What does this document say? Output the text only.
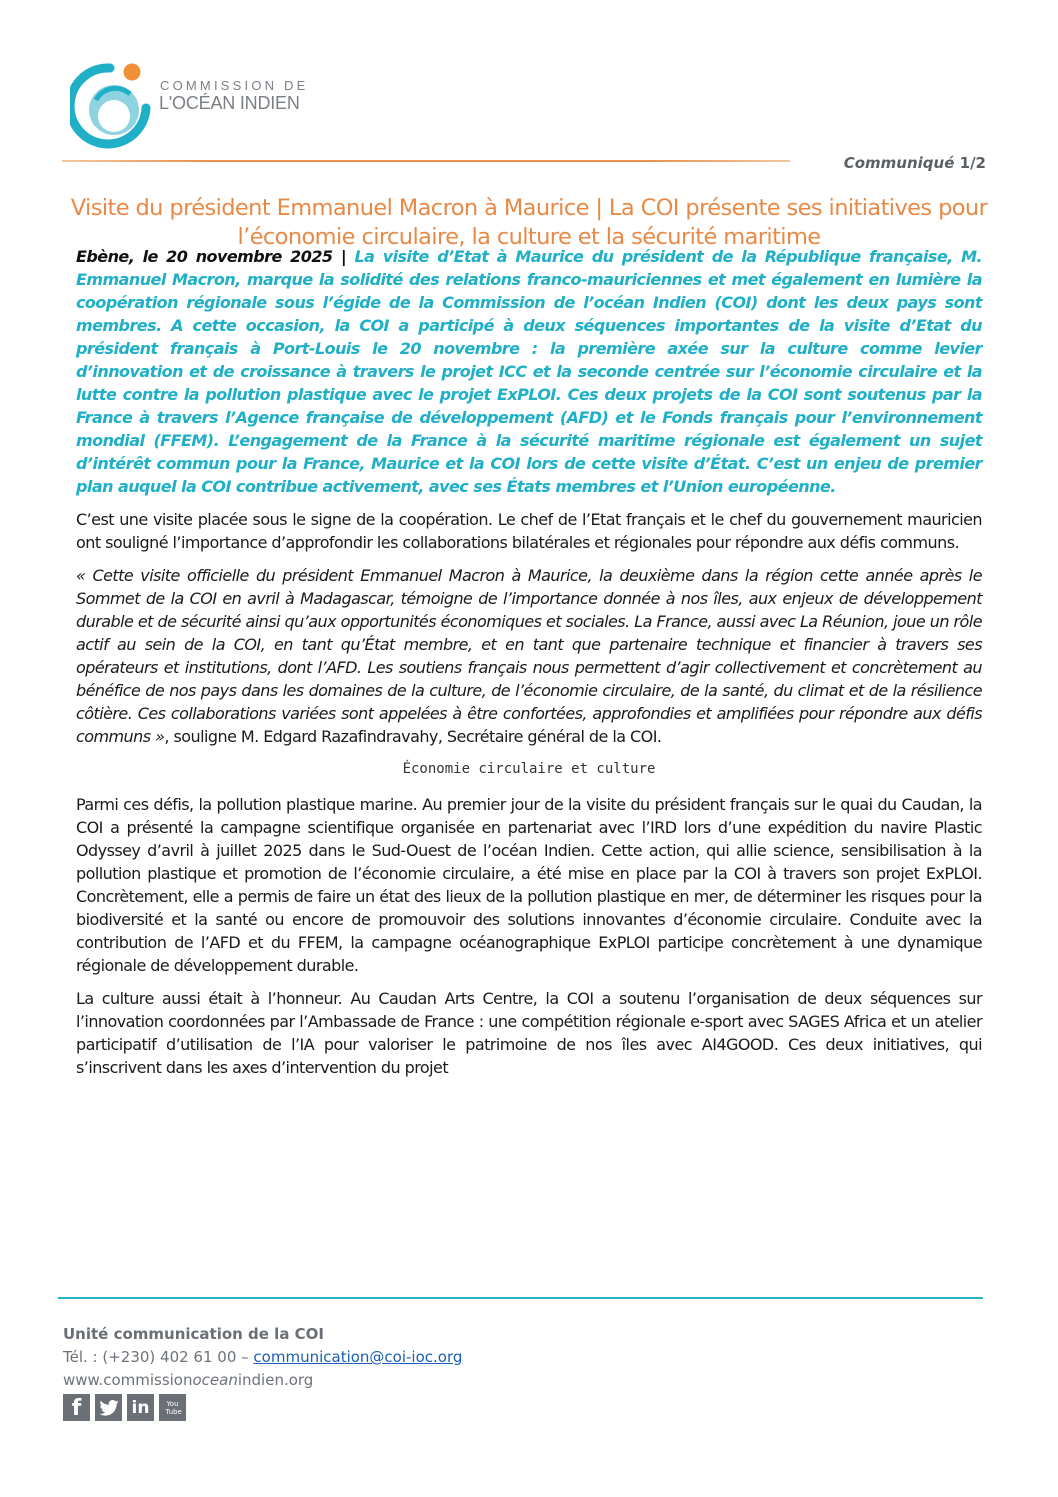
COMMISSION DE
L'OCÉAN INDIEN
Communiqué 1/2
Visite du président Emmanuel Macron à Maurice | La COI présente ses initiatives pour l’économie circulaire, la culture et la sécurité maritime

Ebène, le 20 novembre 2025 | La visite d’Etat à Maurice du président de la République française, M. Emmanuel Macron, marque la solidité des relations franco-mauriciennes et met également en lumière la coopération régionale sous l’égide de la Commission de l’océan Indien (COI) dont les deux pays sont membres. A cette occasion, la COI a participé à deux séquences importantes de la visite d’Etat du président français à Port-Louis le 20 novembre : la première axée sur la culture comme levier d’innovation et de croissance à travers le projet ICC et la seconde centrée sur l’économie circulaire et la lutte contre la pollution plastique avec le projet ExPLOI. Ces deux projets de la COI sont soutenus par la France à travers l’Agence française de développement (AFD) et le Fonds français pour l’environnement mondial (FFEM). L’engagement de la France à la sécurité maritime régionale est également un sujet d’intérêt commun pour la France, Maurice et la COI lors de cette visite d’État. C’est un enjeu de premier plan auquel la COI contribue activement, avec ses États membres et l’Union européenne.

C’est une visite placée sous le signe de la coopération. Le chef de l’Etat français et le chef du gouvernement mauricien ont souligné l’importance d’approfondir les collaborations bilatérales et régionales pour répondre aux défis communs.

« Cette visite officielle du président Emmanuel Macron à Maurice, la deuxième dans la région cette année après le Sommet de la COI en avril à Madagascar, témoigne de l’importance donnée à nos îles, aux enjeux de développement durable et de sécurité ainsi qu’aux opportunités économiques et sociales. La France, aussi avec La Réunion, joue un rôle actif au sein de la COI, en tant qu’État membre, et en tant que partenaire technique et financier à travers ses opérateurs et institutions, dont l’AFD. Les soutiens français nous permettent d’agir collectivement et concrètement au bénéfice de nos pays dans les domaines de la culture, de l’économie circulaire, de la santé, du climat et de la résilience côtière. Ces collaborations variées sont appelées à être confortées, approfondies et amplifiées pour répondre aux défis communs », souligne M. Edgard Razafindravahy, Secrétaire général de la COI.

Économie circulaire et culture

Parmi ces défis, la pollution plastique marine. Au premier jour de la visite du président français sur le quai du Caudan, la COI a présenté la campagne scientifique organisée en partenariat avec l’IRD lors d’une expédition du navire Plastic Odyssey d’avril à juillet 2025 dans le Sud-Ouest de l’océan Indien. Cette action, qui allie science, sensibilisation à la pollution plastique et promotion de l’économie circulaire, a été mise en place par la COI à travers son projet ExPLOI. Concrètement, elle a permis de faire un état des lieux de la pollution plastique en mer, de déterminer les risques pour la biodiversité et la santé ou encore de promouvoir des solutions innovantes d’économie circulaire. Conduite avec la contribution de l’AFD et du FFEM, la campagne océanographique ExPLOI participe concrètement à une dynamique régionale de développement durable.

La culture aussi était à l’honneur. Au Caudan Arts Centre, la COI a soutenu l’organisation de deux séquences sur l’innovation coordonnées par l’Ambassade de France : une compétition régionale e-sport avec SAGES Africa et un atelier participatif d’utilisation de l’IA pour valoriser le patrimoine de nos îles avec AI4GOOD. Ces deux initiatives, qui s’inscrivent dans les axes d’intervention du projet

Unité communication de la COI
Tél. : (+230) 402 61 00 – communication@coi-ioc.org
www.commissionoceanindien.org
f	in You Tube
